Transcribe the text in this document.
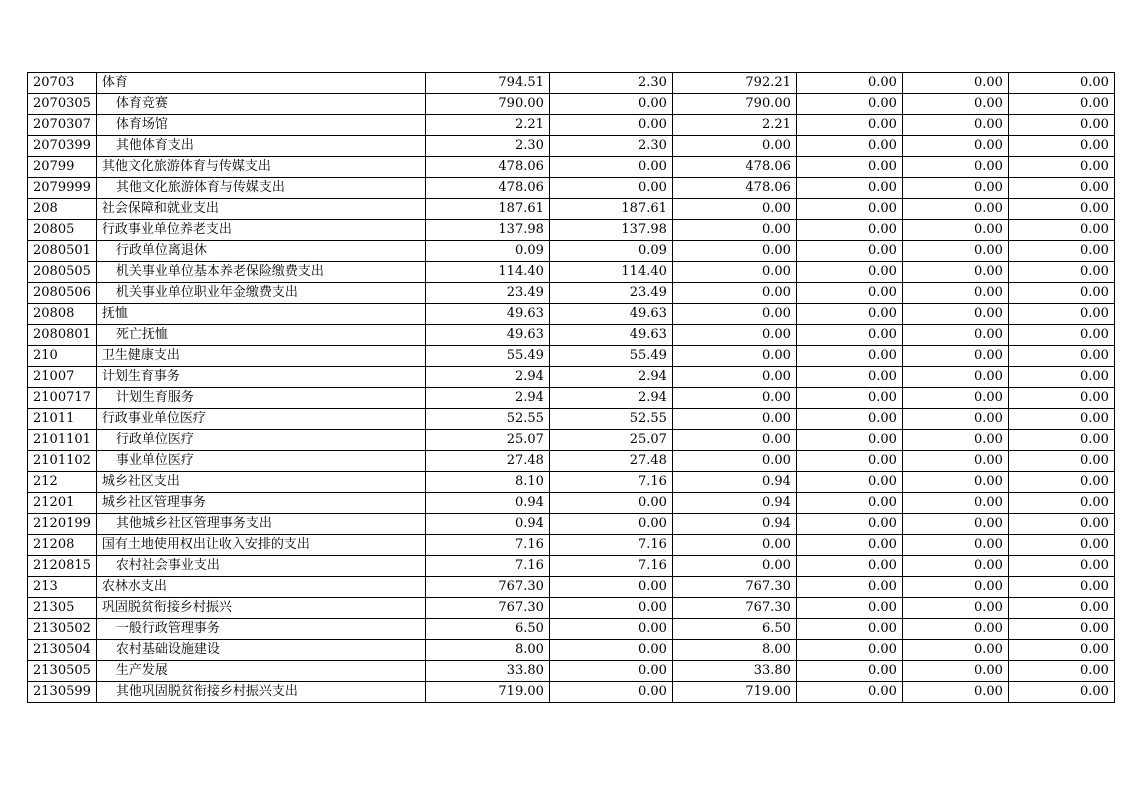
20703	体育	794.51	2.30	792.21	0.00	0.00	0.00
2070305	体育竞赛	790.00	0.00	790.00	0.00	0.00	0.00
2070307	体育场馆	2.21	0.00	2.21	0.00	0.00	0.00
2070399	其他体育支出	2.30	2.30	0.00	0.00	0.00	0.00
20799	其他文化旅游体育与传媒支出	478.06	0.00	478.06	0.00	0.00	0.00
2079999	其他文化旅游体育与传媒支出	478.06	0.00	478.06	0.00	0.00	0.00
208	社会保障和就业支出	187.61	187.61	0.00	0.00	0.00	0.00
20805	行政事业单位养老支出	137.98	137.98	0.00	0.00	0.00	0.00
2080501	行政单位离退休	0.09	0.09	0.00	0.00	0.00	0.00
2080505	机关事业单位基本养老保险缴费支出	114.40	114.40	0.00	0.00	0.00	0.00
2080506	机关事业单位职业年金缴费支出	23.49	23.49	0.00	0.00	0.00	0.00
20808	抚恤	49.63	49.63	0.00	0.00	0.00	0.00
2080801	死亡抚恤	49.63	49.63	0.00	0.00	0.00	0.00
210	卫生健康支出	55.49	55.49	0.00	0.00	0.00	0.00
21007	计划生育事务	2.94	2.94	0.00	0.00	0.00	0.00
2100717	计划生育服务	2.94	2.94	0.00	0.00	0.00	0.00
21011	行政事业单位医疗	52.55	52.55	0.00	0.00	0.00	0.00
2101101	行政单位医疗	25.07	25.07	0.00	0.00	0.00	0.00
2101102	事业单位医疗	27.48	27.48	0.00	0.00	0.00	0.00
212	城乡社区支出	8.10	7.16	0.94	0.00	0.00	0.00
21201	城乡社区管理事务	0.94	0.00	0.94	0.00	0.00	0.00
2120199	其他城乡社区管理事务支出	0.94	0.00	0.94	0.00	0.00	0.00
21208	国有土地使用权出让收入安排的支出	7.16	7.16	0.00	0.00	0.00	0.00
2120815	农村社会事业支出	7.16	7.16	0.00	0.00	0.00	0.00
213	农林水支出	767.30	0.00	767.30	0.00	0.00	0.00
21305	巩固脱贫衔接乡村振兴	767.30	0.00	767.30	0.00	0.00	0.00
2130502	一般行政管理事务	6.50	0.00	6.50	0.00	0.00	0.00
2130504	农村基础设施建设	8.00	0.00	8.00	0.00	0.00	0.00
2130505	生产发展	33.80	0.00	33.80	0.00	0.00	0.00
2130599	其他巩固脱贫衔接乡村振兴支出	719.00	0.00	719.00	0.00	0.00	0.00
